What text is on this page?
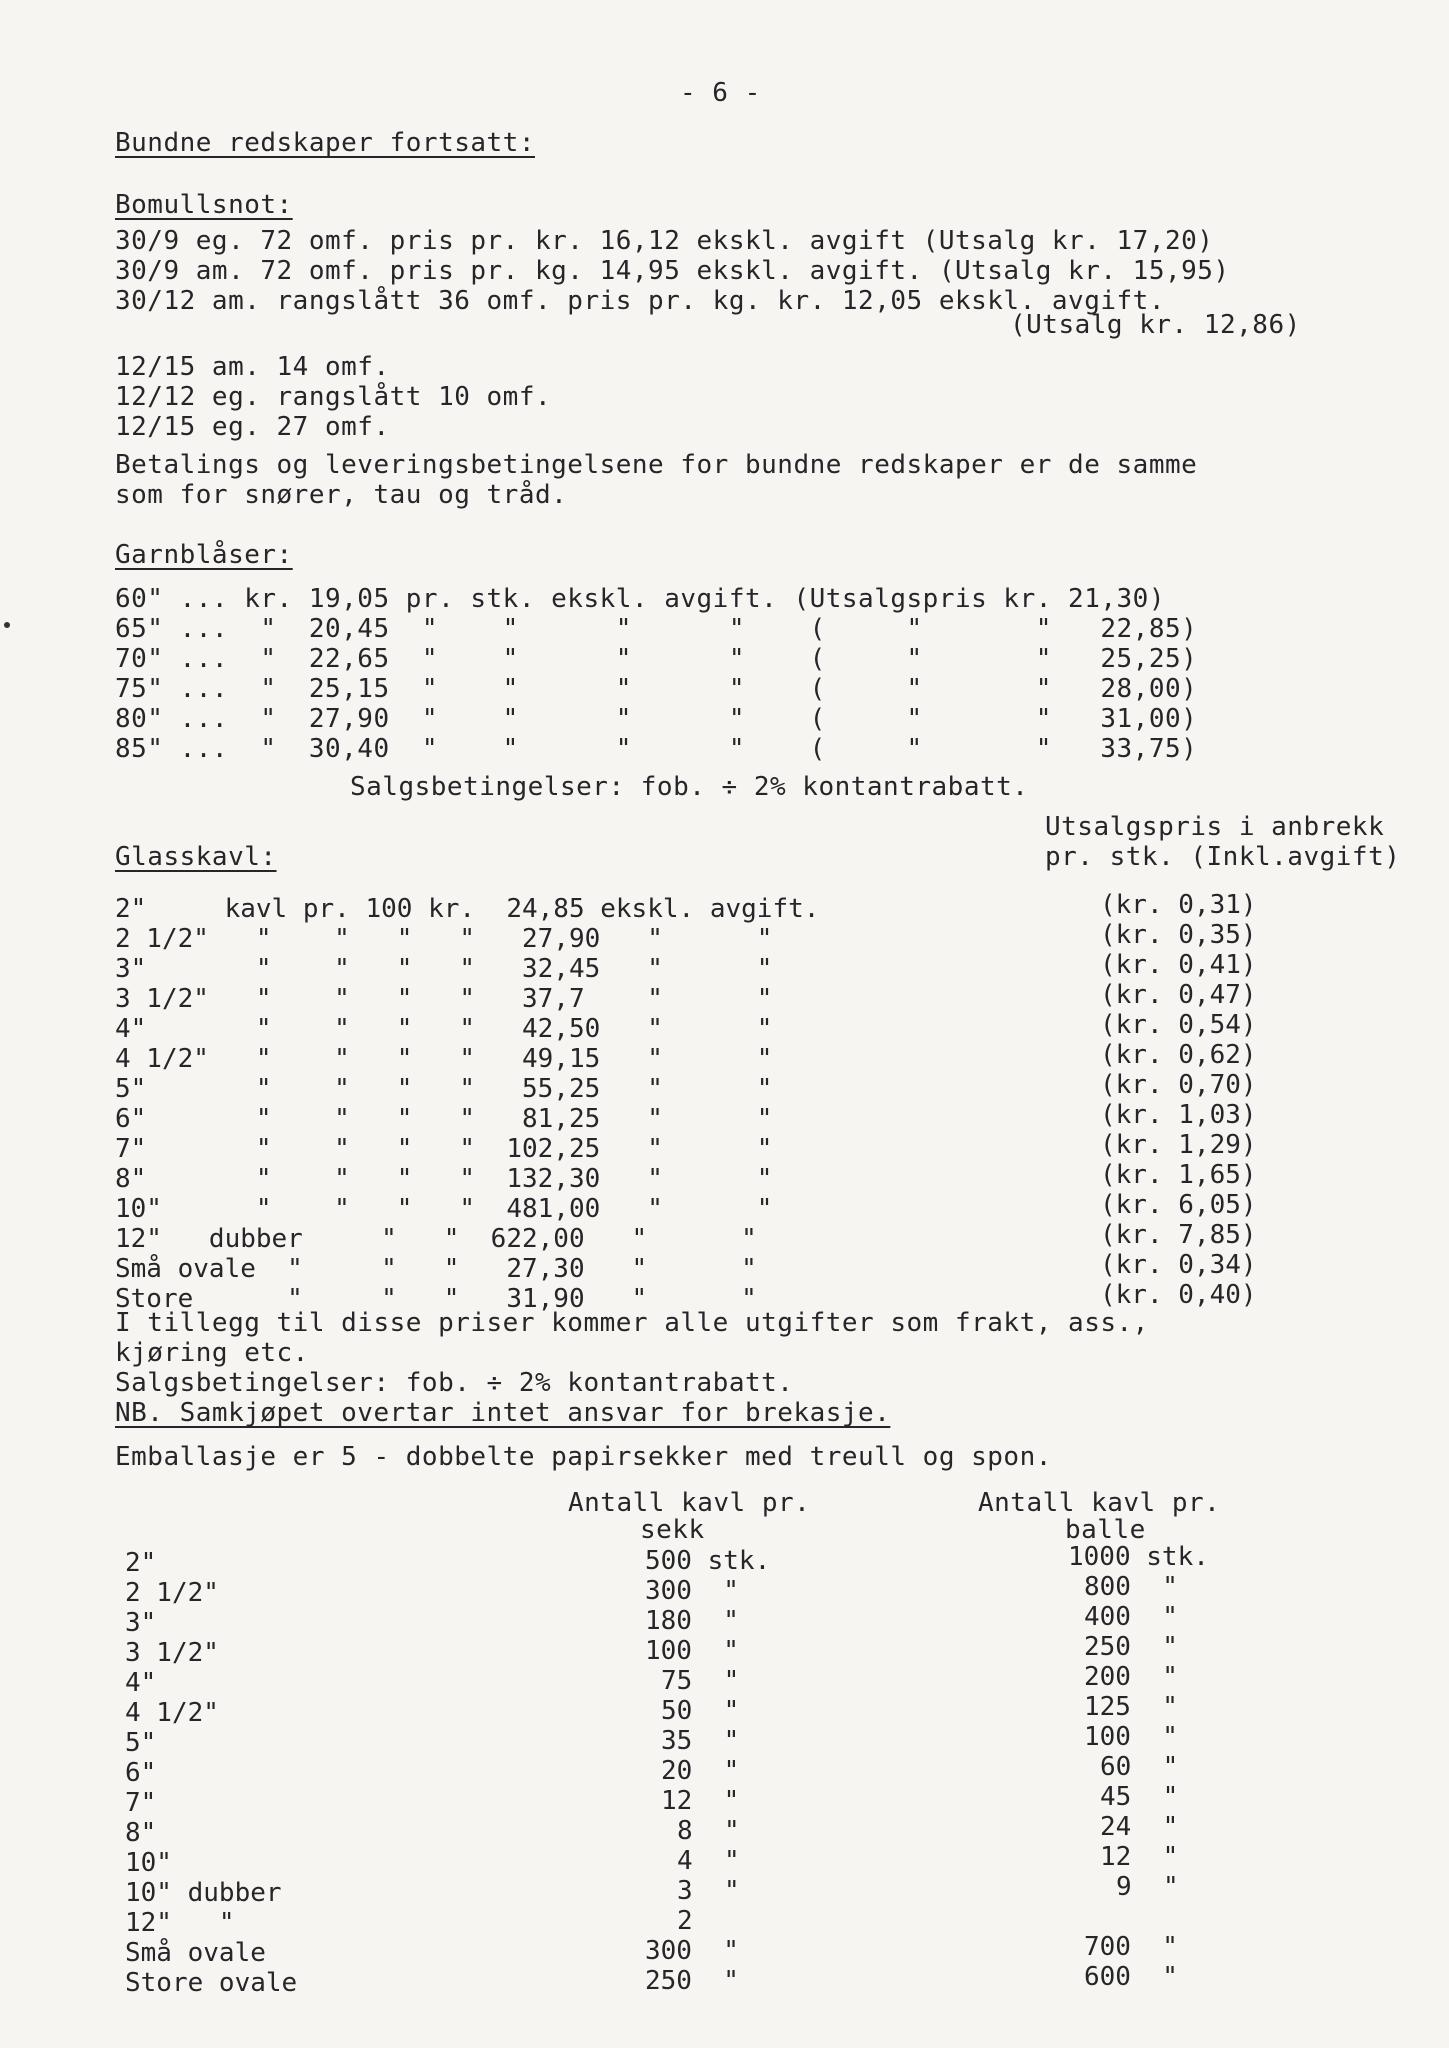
- 6 -
Bundne redskaper fortsatt:
Bomullsnot:
30/9 eg. 72 omf. pris pr. kr. 16,12 ekskl. avgift (Utsalg kr. 17,20)
30/9 am. 72 omf. pris pr. kg. 14,95 ekskl. avgift. (Utsalg kr. 15,95)
30/12 am. rangslått 36 omf. pris pr. kg. kr. 12,05 ekskl. avgift.
(Utsalg kr. 12,86)
12/15 am. 14 omf.
12/12 eg. rangslått 10 omf.
12/15 eg. 27 omf.
Betalings og leveringsbetingelsene for bundne redskaper er de samme
som for snører, tau og tråd.
Garnblåser:
60" ... kr. 19,05 pr. stk. ekskl. avgift. (Utsalgspris kr. 21,30)
65" ...  "  20,45  "    "      "      "    (     "       "   22,85)
70" ...  "  22,65  "    "      "      "    (     "       "   25,25)
75" ...  "  25,15  "    "      "      "    (     "       "   28,00)
80" ...  "  27,90  "    "      "      "    (     "       "   31,00)
85" ...  "  30,40  "    "      "      "    (     "       "   33,75)
Salgsbetingelser: fob. ÷ 2% kontantrabatt.
Utsalgspris i anbrekk
Glasskavl:	pr. stk. (Inkl.avgift)
2"     kavl pr. 100 kr.  24,85 ekskl. avgift.
2 1/2"   "    "   "   "   27,90   "      "
3"       "    "   "   "   32,45   "      "
3 1/2"   "    "   "   "   37,7    "      "
4"       "    "   "   "   42,50   "      "
4 1/2"   "    "   "   "   49,15   "      "
5"       "    "   "   "   55,25   "      "
6"       "    "   "   "   81,25   "      "
7"       "    "   "   "  102,25   "      "
8"       "    "   "   "  132,30   "      "
10"      "    "   "   "  481,00   "      "
12"   dubber     "   "  622,00   "      "
Små ovale  "     "   "   27,30   "      "
Store      "     "   "   31,90   "      "
(kr. 0,31)
(kr. 0,35)
(kr. 0,41)
(kr. 0,47)
(kr. 0,54)
(kr. 0,62)
(kr. 0,70)
(kr. 1,03)
(kr. 1,29)
(kr. 1,65)
(kr. 6,05)
(kr. 7,85)
(kr. 0,34)
(kr. 0,40)
I tillegg til disse priser kommer alle utgifter som frakt, ass.,
kjøring etc.
Salgsbetingelser: fob. ÷ 2% kontantrabatt.
NB. Samkjøpet overtar intet ansvar for brekasje.
Emballasje er 5 - dobbelte papirsekker med treull og spon.
Antall kavl pr.
sekk
Antall kavl pr.
balle
2"
2 1/2"
3"
3 1/2"
4"
4 1/2"
5"
6"
7"
8"
10"
10" dubber
12"   "
Små ovale
Store ovale
500 stk.
300  "
180  "
100  "
75  "
50  "
35  "
20  "
12  "
8  "
4  "
3  "
2
300  "
250  "
1000 stk.
800  "
400  "
250  "
200  "
125  "
100  "
60  "
45  "
24  "
12  "
9  "
700  "
600  "
